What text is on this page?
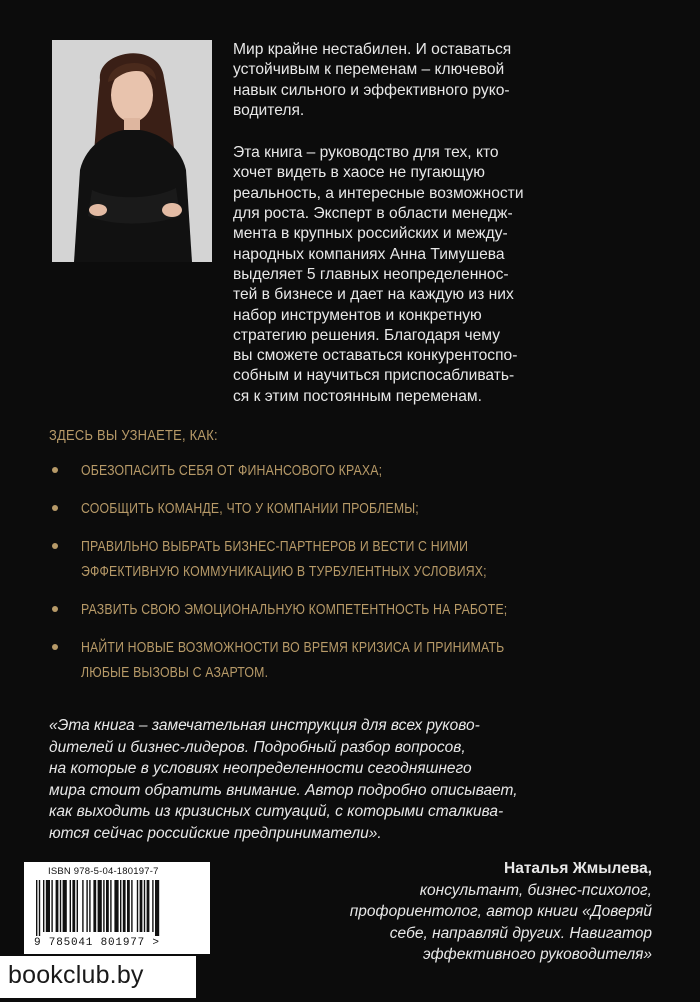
Мир крайне нестабилен. И оставаться
устойчивым к переменам – ключевой
навык сильного и эффективного руко-
водителя.

Эта книга – руководство для тех, кто
хочет видеть в хаосе не пугающую
реальность, а интересные возможности
для роста. Эксперт в области менедж-
мента в крупных российских и между-
народных компаниях Анна Тимушева
выделяет 5 главных неопределеннос-
тей в бизнесе и дает на каждую из них
набор инструментов и конкретную
стратегию решения. Благодаря чему
вы сможете оставаться конкурентоспо-
собным и научиться приспосабливать-
ся к этим постоянным переменам.

ЗДЕСЬ ВЫ УЗНАЕТЕ, КАК:
ОБЕЗОПАСИТЬ СЕБЯ ОТ ФИНАНСОВОГО КРАХА;
СООБЩИТЬ КОМАНДЕ, ЧТО У КОМПАНИИ ПРОБЛЕМЫ;
ПРАВИЛЬНО ВЫБРАТЬ БИЗНЕС-ПАРТНЕРОВ И ВЕСТИ С НИМИ
ЭФФЕКТИВНУЮ КОММУНИКАЦИЮ В ТУРБУЛЕНТНЫХ УСЛОВИЯХ;
РАЗВИТЬ СВОЮ ЭМОЦИОНАЛЬНУЮ КОМПЕТЕНТНОСТЬ НА РАБОТЕ;
НАЙТИ НОВЫЕ ВОЗМОЖНОСТИ ВО ВРЕМЯ КРИЗИСА И ПРИНИМАТЬ
ЛЮБЫЕ ВЫЗОВЫ С АЗАРТОМ.
«Эта книга – замечательная инструкция для всех руково-
дителей и бизнес-лидеров. Подробный разбор вопросов,
на которые в условиях неопределенности сегодняшнего
мира стоит обратить внимание. Автор подробно описывает,
как выходить из кризисных ситуаций, с которыми сталкива-
ются сейчас российские предприниматели».
ISBN 978-5-04-180197-7
9 785041 801977 >
Наталья Жмылева,
консультант, бизнес-психолог,
профориентолог, автор книги «Доверяй
себе, направляй других. Навигатор
эффективного руководителя»
bookclub.by
